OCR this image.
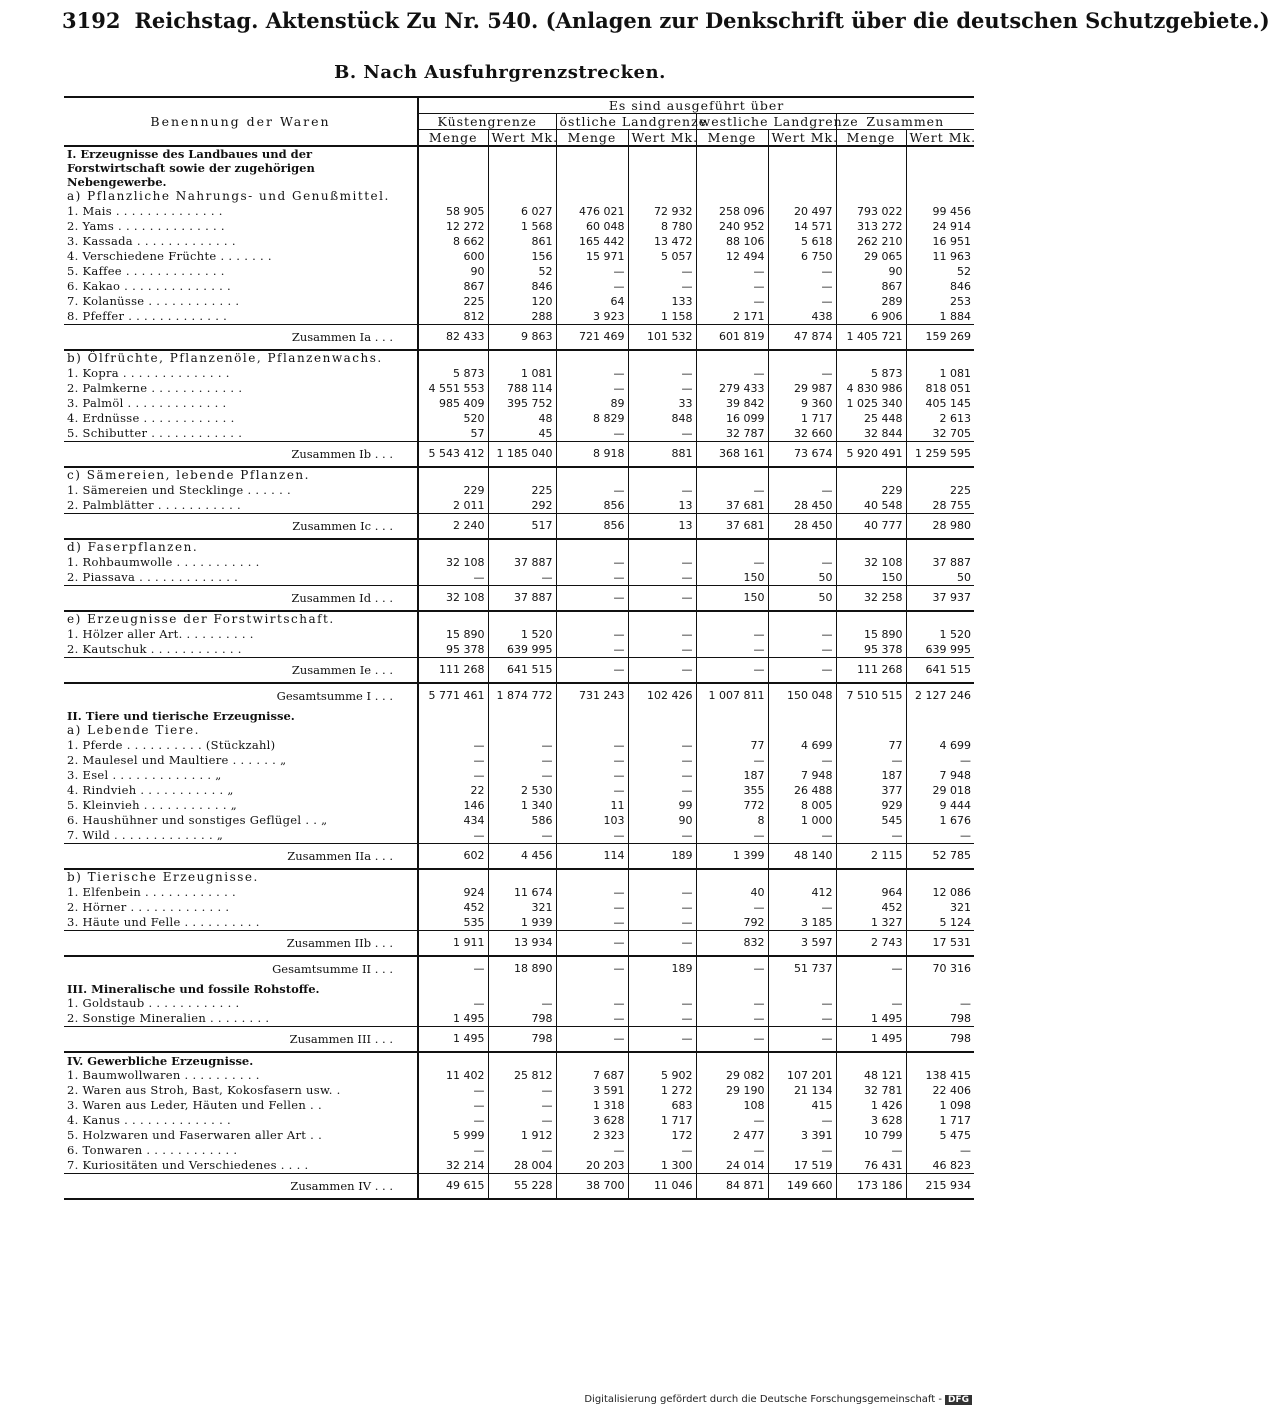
3192 Reichstag. Aktenstück Zu Nr. 540. (Anlagen zur Denkschrift über die deutschen Schutzgebiete.)
B. Nach Ausfuhrgrenzstrecken.
Benennung der Waren	Es sind ausgeführt über							
	Küstengrenze		östliche Landgrenze		westliche Landgrenze		Zusammen	
	Menge	Wert Mk.	Menge	Wert Mk.	Menge	Wert Mk.	Menge	Wert Mk.
I. Erzeugnisse des Landbaues und der Forstwirtschaft sowie der zugehörigen Nebengewerbe.								
a) Pflanzliche Nahrungs- und Genußmittel.								
1. Mais . . . . . . . . . . . . . .	58 905	6 027	476 021	72 932	258 096	20 497	793 022	99 456
2. Yams . . . . . . . . . . . . . .	12 272	1 568	60 048	8 780	240 952	14 571	313 272	24 914
3. Kassada . . . . . . . . . . . . .	8 662	861	165 442	13 472	88 106	5 618	262 210	16 951
4. Verschiedene Früchte . . . . . . .	600	156	15 971	5 057	12 494	6 750	29 065	11 963
5. Kaffee . . . . . . . . . . . . .	90	52	—	—	—	—	90	52
6. Kakao . . . . . . . . . . . . . .	867	846	—	—	—	—	867	846
7. Kolanüsse . . . . . . . . . . . .	225	120	64	133	—	—	289	253
8. Pfeffer . . . . . . . . . . . . .	812	288	3 923	1 158	2 171	438	6 906	1 884
Zusammen Ia . . .	82 433	9 863	721 469	101 532	601 819	47 874	1 405 721	159 269
b) Ölfrüchte, Pflanzenöle, Pflanzenwachs.								
1. Kopra . . . . . . . . . . . . . .	5 873	1 081	—	—	—	—	5 873	1 081
2. Palmkerne . . . . . . . . . . . .	4 551 553	788 114	—	—	279 433	29 987	4 830 986	818 051
3. Palmöl . . . . . . . . . . . . .	985 409	395 752	89	33	39 842	9 360	1 025 340	405 145
4. Erdnüsse . . . . . . . . . . . .	520	48	8 829	848	16 099	1 717	25 448	2 613
5. Schibutter . . . . . . . . . . . .	57	45	—	—	32 787	32 660	32 844	32 705
Zusammen Ib . . .	5 543 412	1 185 040	8 918	881	368 161	73 674	5 920 491	1 259 595
c) Sämereien, lebende Pflanzen.								
1. Sämereien und Stecklinge . . . . . .	229	225	—	—	—	—	229	225
2. Palmblätter . . . . . . . . . . .	2 011	292	856	13	37 681	28 450	40 548	28 755
Zusammen Ic . . .	2 240	517	856	13	37 681	28 450	40 777	28 980
d) Faserpflanzen.								
1. Rohbaumwolle . . . . . . . . . . .	32 108	37 887	—	—	—	—	32 108	37 887
2. Piassava . . . . . . . . . . . . .	—	—	—	—	150	50	150	50
Zusammen Id . . .	32 108	37 887	—	—	150	50	32 258	37 937
e) Erzeugnisse der Forstwirtschaft.								
1. Hölzer aller Art. . . . . . . . . .	15 890	1 520	—	—	—	—	15 890	1 520
2. Kautschuk . . . . . . . . . . . .	95 378	639 995	—	—	—	—	95 378	639 995
Zusammen Ie . . .	111 268	641 515	—	—	—	—	111 268	641 515
Gesamtsumme I . . .	5 771 461	1 874 772	731 243	102 426	1 007 811	150 048	7 510 515	2 127 246
II. Tiere und tierische Erzeugnisse.								
a) Lebende Tiere.								
1. Pferde . . . . . . . . . . (Stückzahl)	—	—	—	—	77	4 699	77	4 699
2. Maulesel und Maultiere . . . . . . „	—	—	—	—	—	—	—	—
3. Esel . . . . . . . . . . . . . „	—	—	—	—	187	7 948	187	7 948
4. Rindvieh . . . . . . . . . . . „	22	2 530	—	—	355	26 488	377	29 018
5. Kleinvieh . . . . . . . . . . . „	146	1 340	11	99	772	8 005	929	9 444
6. Haushühner und sonstiges Geflügel . . „	434	586	103	90	8	1 000	545	1 676
7. Wild . . . . . . . . . . . . . „	—	—	—	—	—	—	—	—
Zusammen IIa . . .	602	4 456	114	189	1 399	48 140	2 115	52 785
b) Tierische Erzeugnisse.								
1. Elfenbein . . . . . . . . . . . .	924	11 674	—	—	40	412	964	12 086
2. Hörner . . . . . . . . . . . . .	452	321	—	—	—	—	452	321
3. Häute und Felle . . . . . . . . . .	535	1 939	—	—	792	3 185	1 327	5 124
Zusammen IIb . . .	1 911	13 934	—	—	832	3 597	2 743	17 531
Gesamtsumme II . . .	—	18 890	—	189	—	51 737	—	70 316
III. Mineralische und fossile Rohstoffe.								
1. Goldstaub . . . . . . . . . . . .	—	—	—	—	—	—	—	—
2. Sonstige Mineralien . . . . . . . .	1 495	798	—	—	—	—	1 495	798
Zusammen III . . .	1 495	798	—	—	—	—	1 495	798
IV. Gewerbliche Erzeugnisse.								
1. Baumwollwaren . . . . . . . . . .	11 402	25 812	7 687	5 902	29 082	107 201	48 121	138 415
2. Waren aus Stroh, Bast, Kokosfasern usw. .	—	—	3 591	1 272	29 190	21 134	32 781	22 406
3. Waren aus Leder, Häuten und Fellen . .	—	—	1 318	683	108	415	1 426	1 098
4. Kanus . . . . . . . . . . . . . .	—	—	3 628	1 717	—	—	3 628	1 717
5. Holzwaren und Faserwaren aller Art . .	5 999	1 912	2 323	172	2 477	3 391	10 799	5 475
6. Tonwaren . . . . . . . . . . . .	—	—	—	—	—	—	—	—
7. Kuriositäten und Verschiedenes . . . .	32 214	28 004	20 203	1 300	24 014	17 519	76 431	46 823
Zusammen IV . . .	49 615	55 228	38 700	11 046	84 871	149 660	173 186	215 934
Digitalisierung gefördert durch die Deutsche Forschungsgemeinschaft - DFG
